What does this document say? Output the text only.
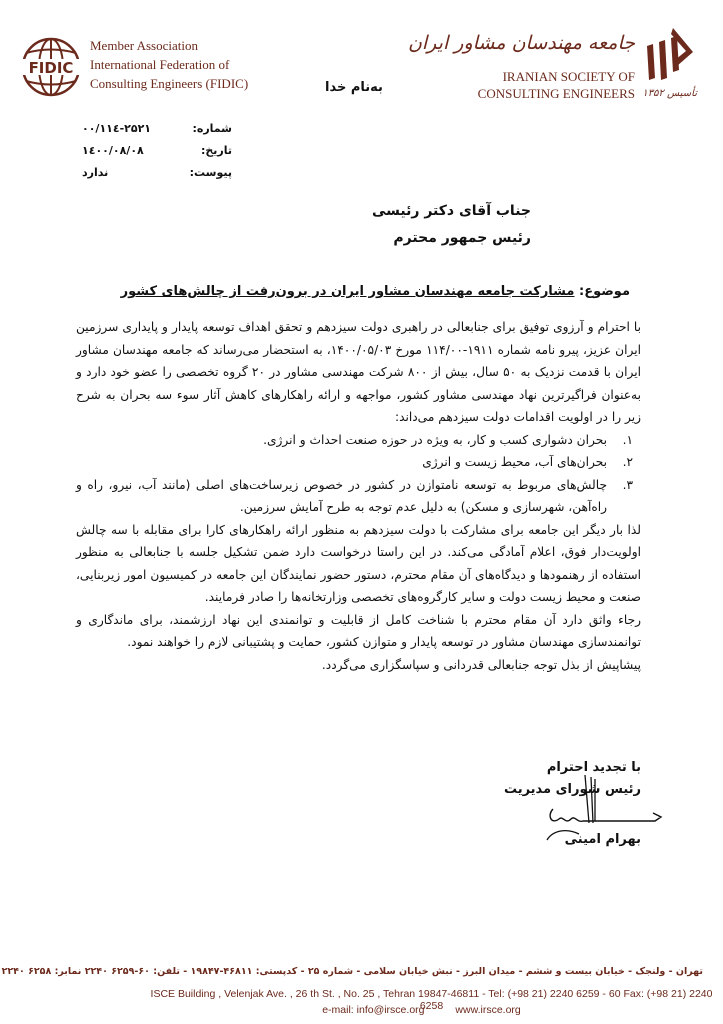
FIDIC
Member Association
International Federation of
Consulting Engineers (FIDIC)
جامعه مهندسان مشاور ایران
IRANIAN SOCIETY OF
CONSULTING ENGINEERS تأسیس ۱۳۵۲
به‌نام خدا
۰۰/۱۱٤-۲۵۲۱	شماره:
۱٤۰۰/۰۸/۰۸	تاریخ:
ندارد	پیوست:
جناب آقای دکتر رئیسی
رئیس جمهور محترم
موضوع: مشارکت جامعه مهندسان مشاور ایران در برون‌رفت از چالش‌های کشور

با احترام و آرزوی توفیق برای جنابعالی در راهبری دولت سیزدهم و تحقق اهداف توسعه پایدار و پایداری سرزمین ایران عزیز، پیرو نامه شماره ۱۹۱۱-۱۱۴/۰۰ مورخ ۱۴۰۰/۰۵/۰۳، به استحضار می‌رساند که جامعه مهندسان مشاور ایران با قدمت نزدیک به ۵۰ سال، بیش از ۸۰۰ شرکت مهندسی مشاور در ۲۰ گروه تخصصی را عضو خود دارد و به‌عنوان فراگیرترین نهاد مهندسی مشاور کشور، مواجهه و ارائه راهکارهای کاهش آثار سوء سه بحران به شرح زیر را در اولویت اقدامات دولت سیزدهم می‌داند:

۱.
بحران دشواری کسب و کار، به ویژه در حوزه صنعت احداث و انرژی.
۲.
بحران‌های آب، محیط زیست و انرژی
۳.
چالش‌های مربوط به توسعه نامتوازن در کشور در خصوص زیرساخت‌های اصلی (مانند آب، نیرو، راه و راه‌آهن، شهرسازی و مسکن) به دلیل عدم توجه به طرح آمایش سرزمین.

لذا بار دیگر این جامعه برای مشارکت با دولت سیزدهم به منظور ارائه راهکارهای کارا برای مقابله با سه چالش اولویت‌دار فوق، اعلام آمادگی می‌کند. در این راستا درخواست دارد ضمن تشکیل جلسه با جنابعالی به منظور استفاده از رهنمودها و دیدگاه‌های آن مقام محترم، دستور حضور نمایندگان این جامعه در کمیسیون امور زیربنایی، صنعت و محیط زیست دولت و سایر کارگروه‌های تخصصی وزارتخانه‌ها را صادر فرمایند.

رجاء واثق دارد آن مقام محترم با شناخت کامل از قابلیت و توانمندی این نهاد ارزشمند، برای ماندگاری و توانمندسازی مهندسان مشاور در توسعه پایدار و متوازن کشور، حمایت و پشتیبانی لازم را خواهند نمود.

پیشاپیش از بذل توجه جنابعالی قدردانی و سپاسگزاری می‌گردد.

با تجدید احترام
رئیس شورای مدیریت
بهرام امینی
تهران - ولنجک - خیابان بیست و ششم - میدان البرز - نبش خیابان سلامی - شماره ۲۵ - کدپستی: ۴۶۸۱۱-۱۹۸۴۷ - تلفن: ۶۰-۶۲۵۹ ۲۲۴۰ نمابر: ۶۲۵۸ ۲۲۴۰
ISCE Building , Velenjak Ave. , 26 th St. , No. 25 , Tehran 19847-46811 - Tel: (+98 21) 2240 6259 - 60 Fax: (+98 21) 2240 6258
e-mail: info@irsce.org	www.irsce.org
